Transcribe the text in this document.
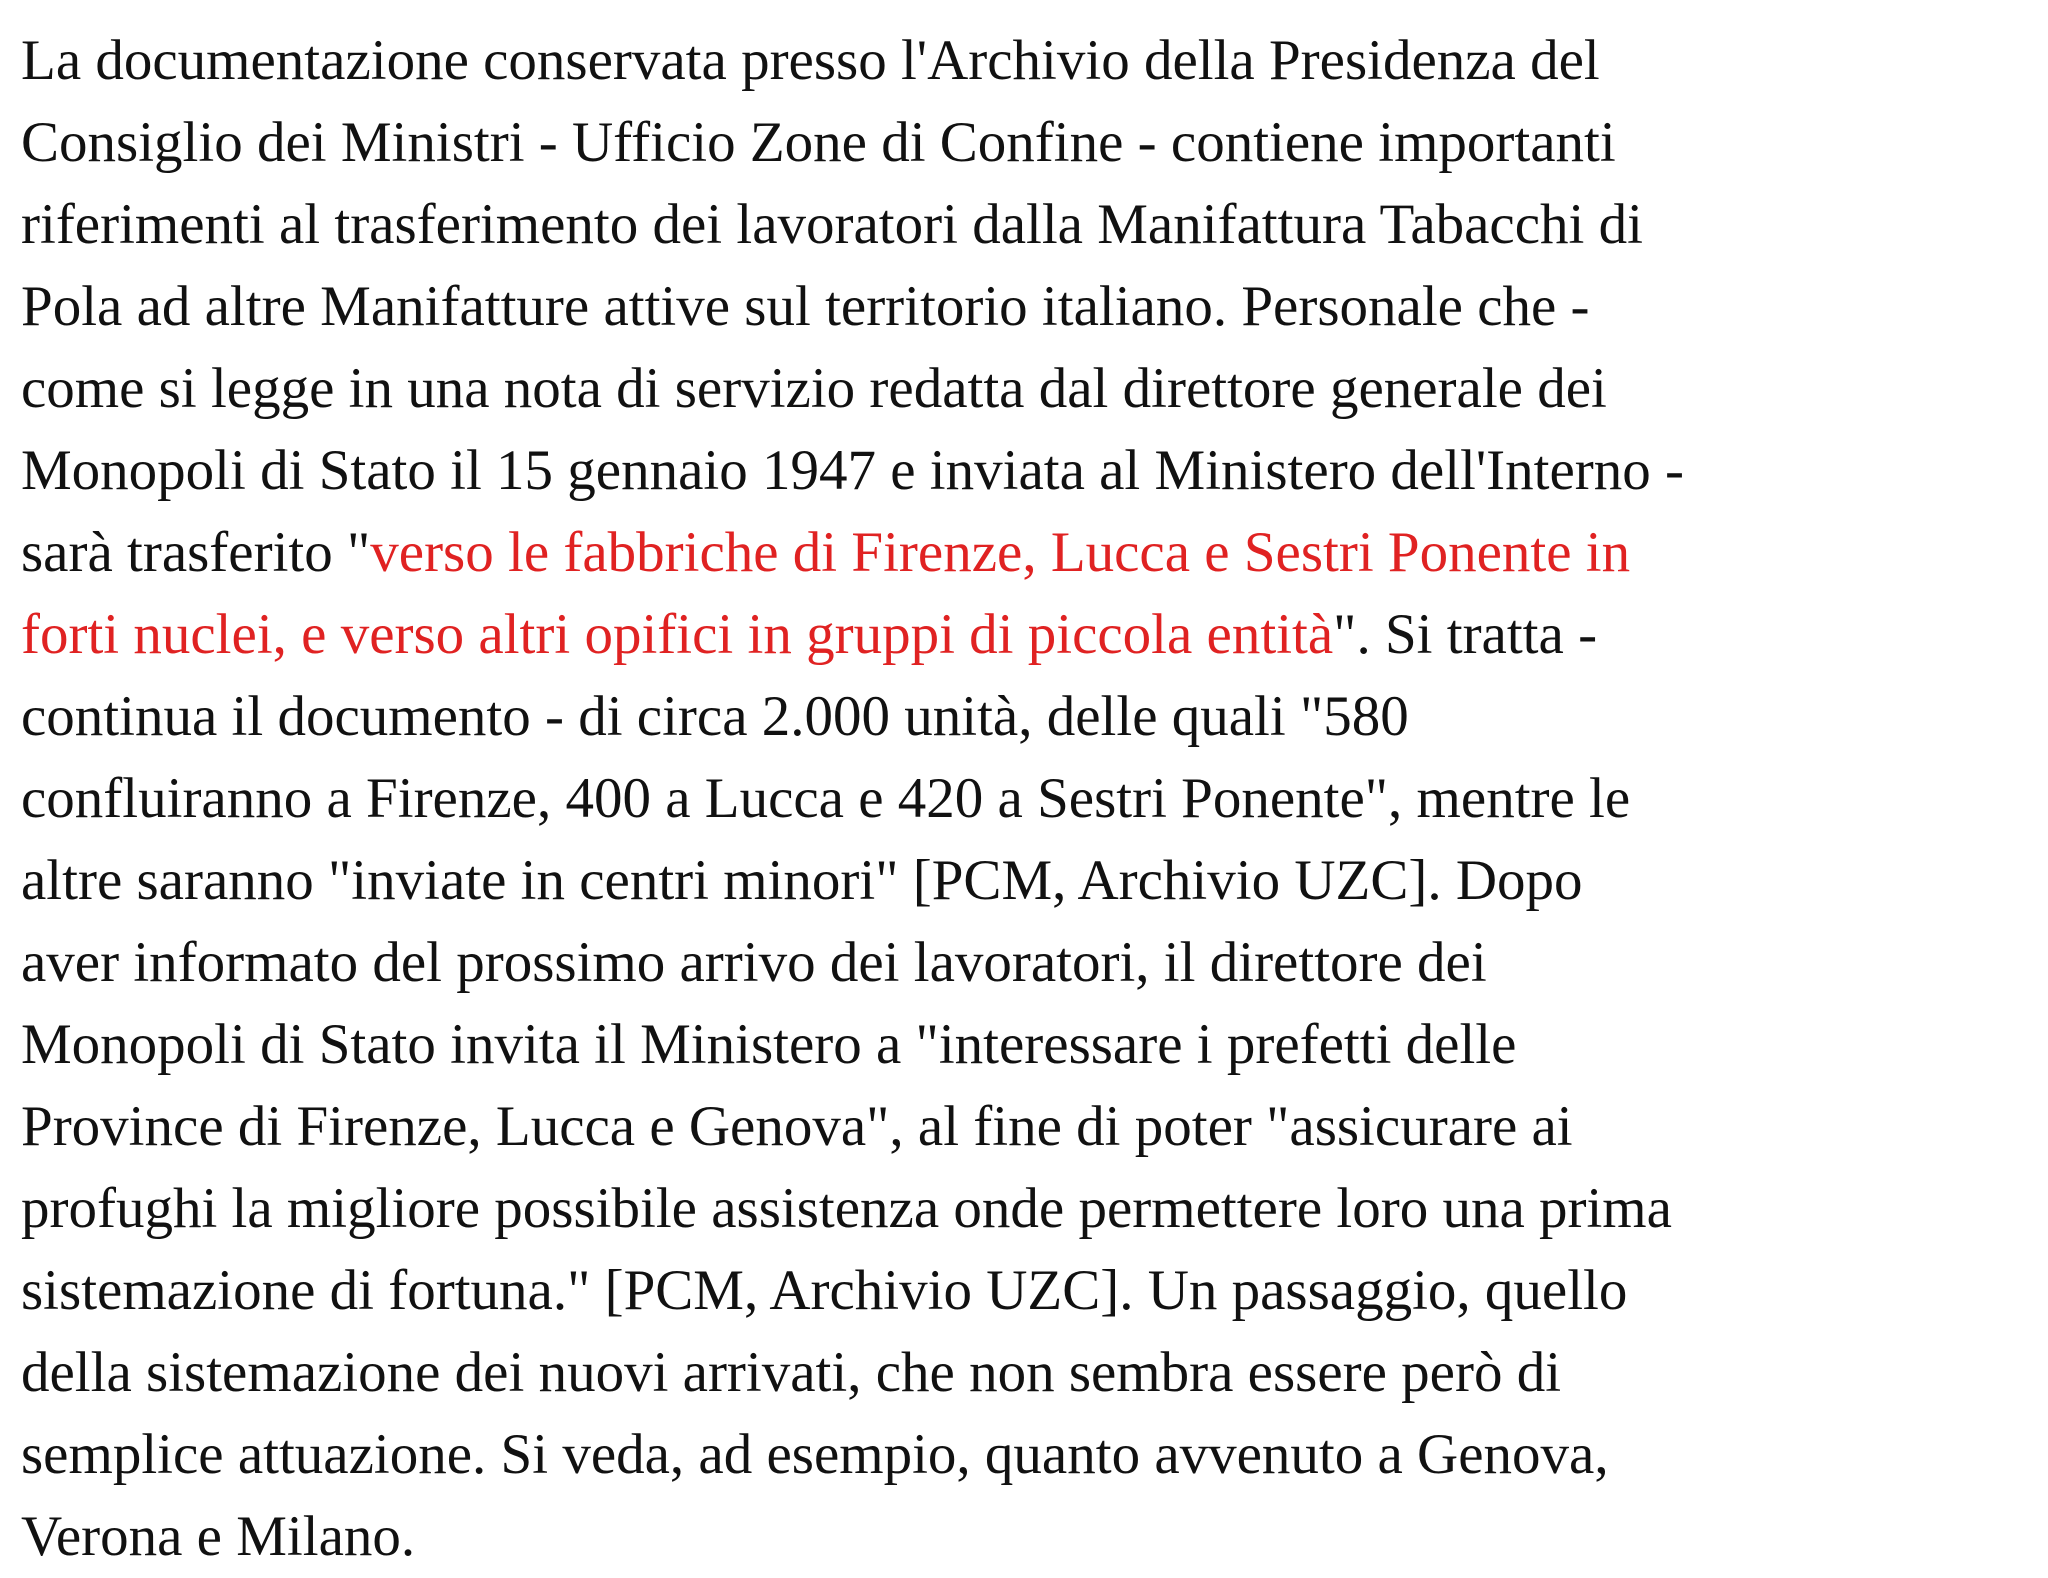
La documentazione conservata presso l'Archivio della Presidenza del
Consiglio dei Ministri - Ufficio Zone di Confine - contiene importanti
riferimenti al trasferimento dei lavoratori dalla Manifattura Tabacchi di
Pola ad altre Manifatture attive sul territorio italiano. Personale che -
come si legge in una nota di servizio redatta dal direttore generale dei
Monopoli di Stato il 15 gennaio 1947 e inviata al Ministero dell'Interno -
sarà trasferito "verso le fabbriche di Firenze, Lucca e Sestri Ponente in
forti nuclei, e verso altri opifici in gruppi di piccola entità". Si tratta -
continua il documento - di circa 2.000 unità, delle quali "580
confluiranno a Firenze, 400 a Lucca e 420 a Sestri Ponente", mentre le
altre saranno "inviate in centri minori" [PCM, Archivio UZC]. Dopo
aver informato del prossimo arrivo dei lavoratori, il direttore dei
Monopoli di Stato invita il Ministero a "interessare i prefetti delle
Province di Firenze, Lucca e Genova", al fine di poter "assicurare ai
profughi la migliore possibile assistenza onde permettere loro una prima
sistemazione di fortuna." [PCM, Archivio UZC]. Un passaggio, quello
della sistemazione dei nuovi arrivati, che non sembra essere però di
semplice attuazione. Si veda, ad esempio, quanto avvenuto a Genova,
Verona e Milano.
